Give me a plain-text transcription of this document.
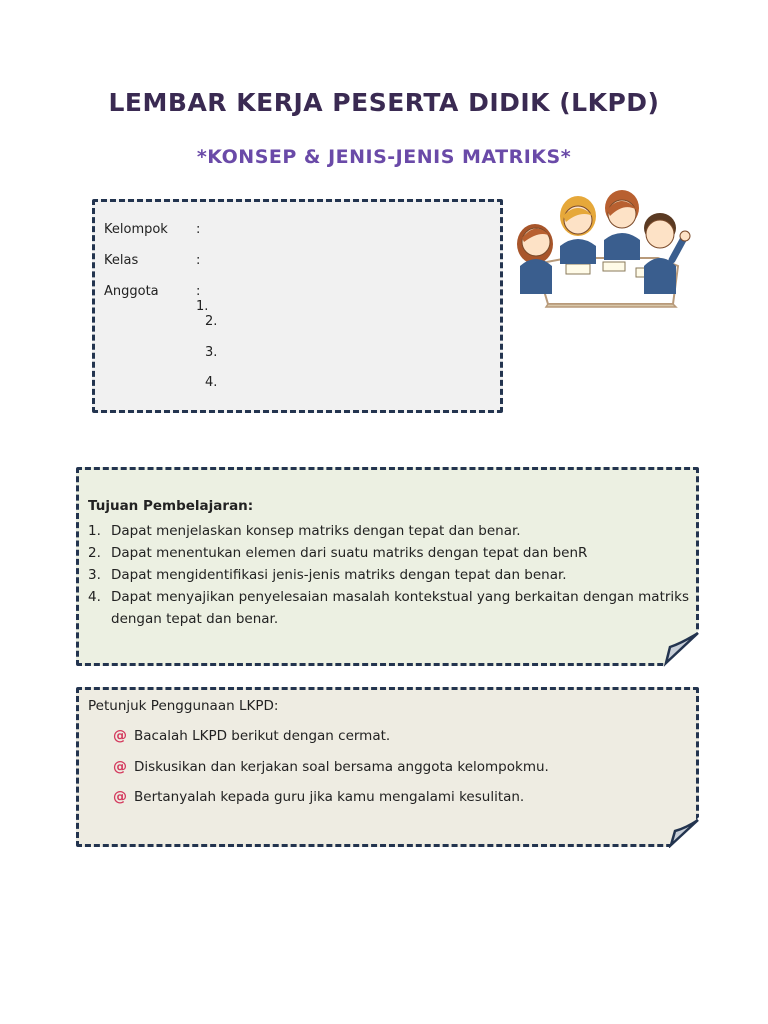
LEMBAR KERJA PESERTA DIDIK (LKPD)
*KONSEP & JENIS-JENIS MATRIKS*
Kelompok	:
Kelas	:
Anggota	: 1.
2.
3.
4.
Tujuan Pembelajaran:
1. Dapat menjelaskan konsep matriks dengan tepat dan benar.
2. Dapat menentukan elemen dari suatu matriks dengan tepat dan benR
3. Dapat mengidentifikasi jenis-jenis matriks dengan tepat dan benar.
4. Dapat menyajikan penyelesaian masalah kontekstual yang berkaitan dengan matriks dengan tepat dan benar.
Petunjuk Penggunaan LKPD:
@ Bacalah LKPD berikut dengan cermat.
@ Diskusikan dan kerjakan soal bersama anggota kelompokmu.
@ Bertanyalah kepada guru jika kamu mengalami kesulitan.
